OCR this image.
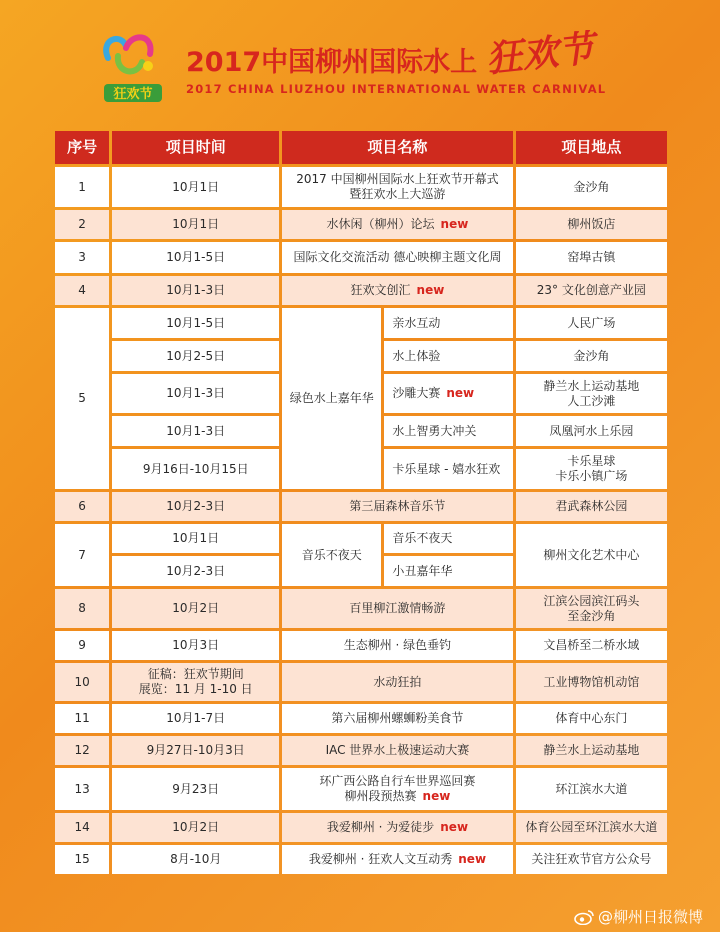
狂欢节
2017中国柳州国际水上 狂欢节
2017 CHINA LIUZHOU INTERNATIONAL WATER CARNIVAL
序号	项目时间	项目名称		项目地点
1	10月1日	2017 中国柳州国际水上狂欢节开幕式
暨狂欢水上大巡游		金沙角
2	10月1日	水休闲（柳州）论坛 new		柳州饭店
3	10月1-5日	国际文化交流活动 德心映柳主题文化周		窑埠古镇
4	10月1-3日	狂欢文创汇 new		23° 文化创意产业园
5	10月1-5日	绿色水上嘉年华	亲水互动	人民广场
	10月2-5日		水上体验	金沙角
	10月1-3日		沙雕大赛 new	静兰水上运动基地
人工沙滩

	10月1-3日		水上智勇大冲关	凤凰河水上乐园
	9月16日-10月15日		卡乐星球 - 嬉水狂欢	卡乐星球
卡乐小镇广场

6	10月2-3日	第三届森林音乐节		君武森林公园
7	10月1日	音乐不夜天	音乐不夜天	柳州文化艺术中心
	10月2-3日		小丑嘉年华	
8	10月2日	百里柳江激情畅游		江滨公园滨江码头
至金沙角

9	10月3日	生态柳州 · 绿色垂钓		文昌桥至二桥水域
10	征稿：狂欢节期间
展览：11 月 1-10 日	水动狂拍		工业博物馆机动馆
11	10月1-7日	第六届柳州螺蛳粉美食节		体育中心东门
12	9月27日-10月3日	IAC 世界水上极速运动大赛		静兰水上运动基地
13	9月23日	环广西公路自行车世界巡回赛
柳州段预热赛 new		环江滨水大道
14	10月2日	我爱柳州 · 为爱徒步 new		体育公园至环江滨水大道
15	8月-10月	我爱柳州 · 狂欢人文互动秀 new		关注狂欢节官方公众号
@柳州日报微博
